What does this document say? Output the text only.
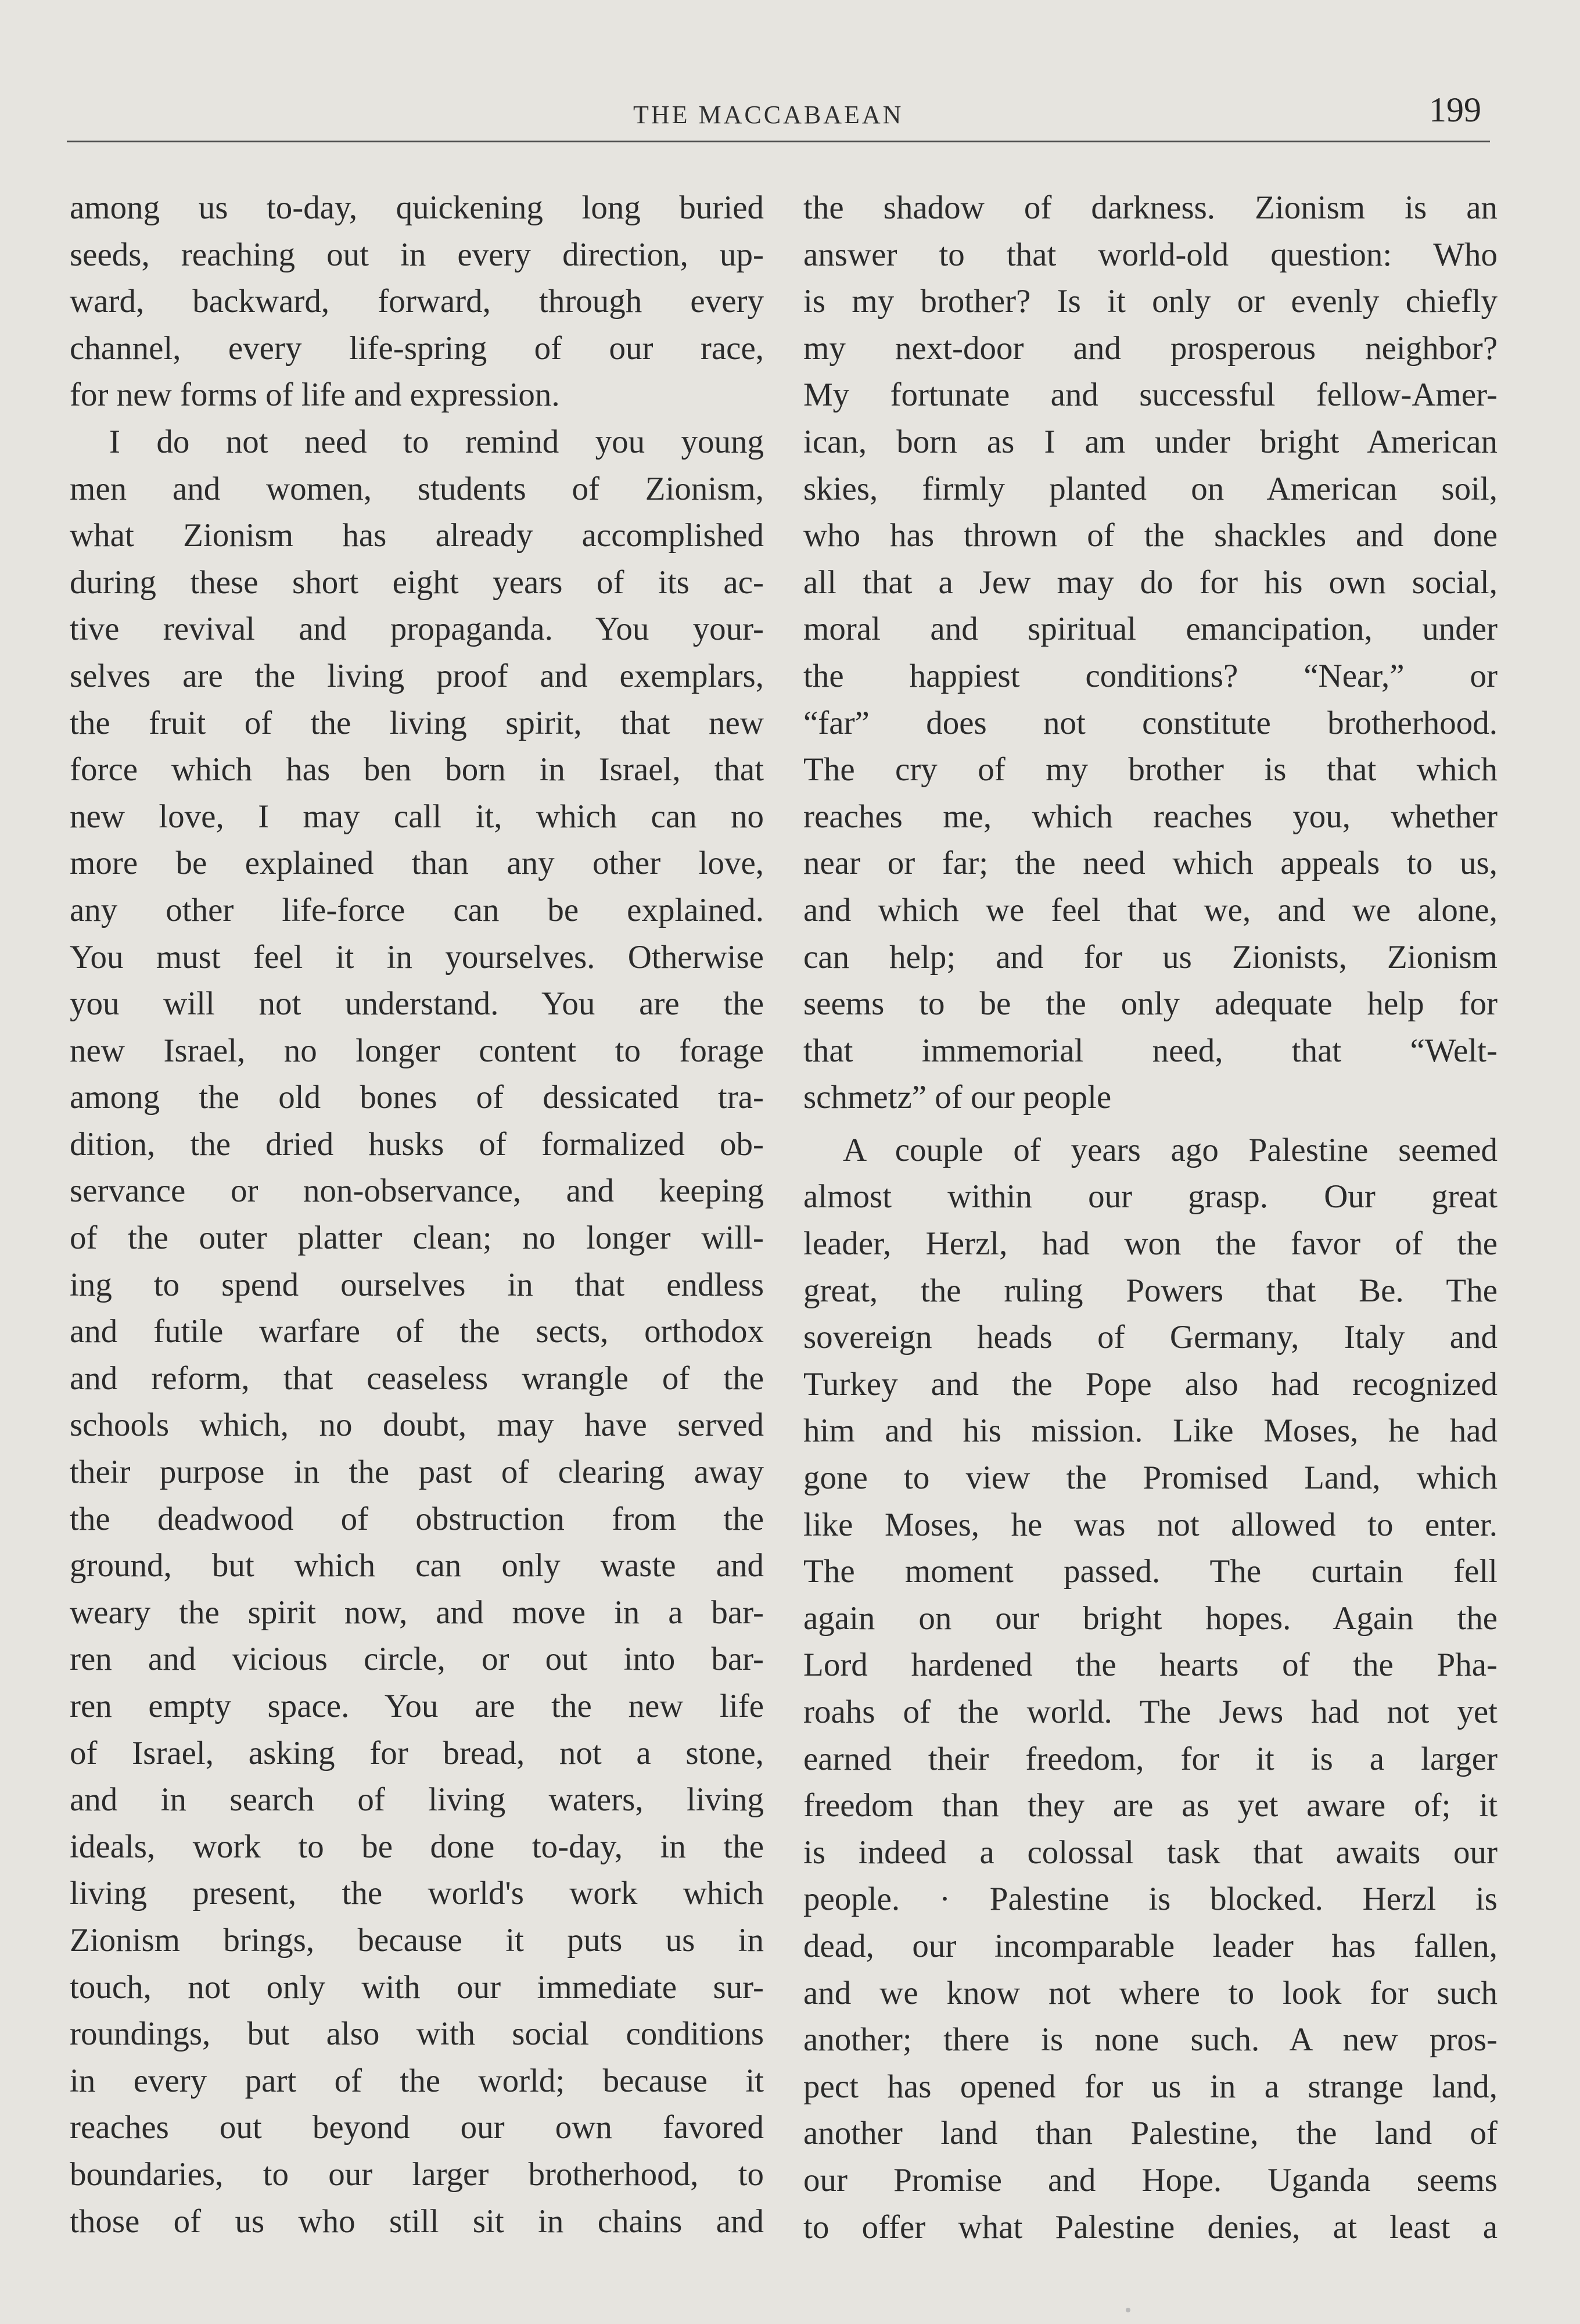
THE MACCABAEAN	199
among us to-day, quickening long buried
seeds, reaching out in every direction, up-
ward, backward, forward, through every
channel, every life-spring of our race,
for new forms of life and expression.
I do not need to remind you young
men and women, students of Zionism,
what Zionism has already accomplished
during these short eight years of its ac-
tive revival and propaganda. You your-
selves are the living proof and exemplars,
the fruit of the living spirit, that new
force which has ben born in Israel, that
new love, I may call it, which can no
more be explained than any other love,
any other life-force can be explained.
You must feel it in yourselves. Otherwise
you will not understand. You are the
new Israel, no longer content to forage
among the old bones of dessicated tra-
dition, the dried husks of formalized ob-
servance or non-observance, and keeping
of the outer platter clean; no longer will-
ing to spend ourselves in that endless
and futile warfare of the sects, orthodox
and reform, that ceaseless wrangle of the
schools which, no doubt, may have served
their purpose in the past of clearing away
the deadwood of obstruction from the
ground, but which can only waste and
weary the spirit now, and move in a bar-
ren and vicious circle, or out into bar-
ren empty space. You are the new life
of Israel, asking for bread, not a stone,
and in search of living waters, living
ideals, work to be done to-day, in the
living present, the world's work which
Zionism brings, because it puts us in
touch, not only with our immediate sur-
roundings, but also with social conditions
in every part of the world; because it
reaches out beyond our own favored
boundaries, to our larger brotherhood, to
those of us who still sit in chains and
the shadow of darkness. Zionism is an
answer to that world-old question: Who
is my brother? Is it only or evenly chiefly
my next-door and prosperous neighbor?
My fortunate and successful fellow-Amer-
ican, born as I am under bright American
skies, firmly planted on American soil,
who has thrown of the shackles and done
all that a Jew may do for his own social,
moral and spiritual emancipation, under
the happiest conditions? “Near,” or
“far” does not constitute brotherhood.
The cry of my brother is that which
reaches me, which reaches you, whether
near or far; the need which appeals to us,
and which we feel that we, and we alone,
can help; and for us Zionists, Zionism
seems to be the only adequate help for
that immemorial need, that “Welt-
schmetz” of our people
A couple of years ago Palestine seemed
almost within our grasp. Our great
leader, Herzl, had won the favor of the
great, the ruling Powers that Be. The
sovereign heads of Germany, Italy and
Turkey and the Pope also had recognized
him and his mission. Like Moses, he had
gone to view the Promised Land, which
like Moses, he was not allowed to enter.
The moment passed. The curtain fell
again on our bright hopes. Again the
Lord hardened the hearts of the Pha-
roahs of the world. The Jews had not yet
earned their freedom, for it is a larger
freedom than they are as yet aware of; it
is indeed a colossal task that awaits our
people. · Palestine is blocked. Herzl is
dead, our incomparable leader has fallen,
and we know not where to look for such
another; there is none such. A new pros-
pect has opened for us in a strange land,
another land than Palestine, the land of
our Promise and Hope. Uganda seems
to offer what Palestine denies, at least a
